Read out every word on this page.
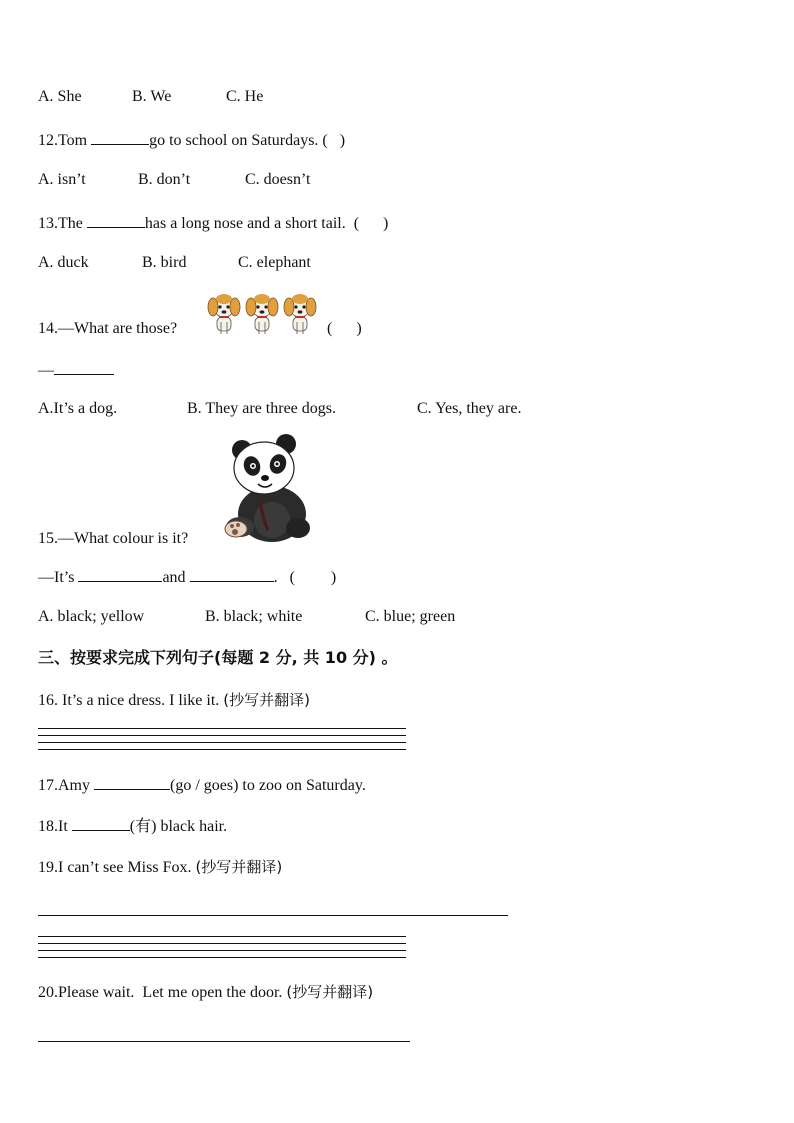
A. She	B. We	C. He
12.Tom	go to school on Saturdays. (   )
A. isn’t	B. don’t	C. doesn’t
13.The	has a long nose and a short tail.  (      )
A. duck	B. bird	C. elephant
14.—What are those?	(      )
—
A.It’s a dog.	B. They are three dogs.	C. Yes, they are.
15.—What colour is it?
—It’s	and	.   (         )
A. black; yellow	B. black; white	C. blue; green
三、按要求完成下列句子(每题 2 分, 共 10 分) 。
16. It’s a nice dress. I like it. (抄写并翻译)
17.Amy	(go / goes) to zoo on Saturday.
18.It	(有) black hair.
19.I can’t see Miss Fox. (抄写并翻译)
20.Please wait.  Let me open the door. (抄写并翻译)
